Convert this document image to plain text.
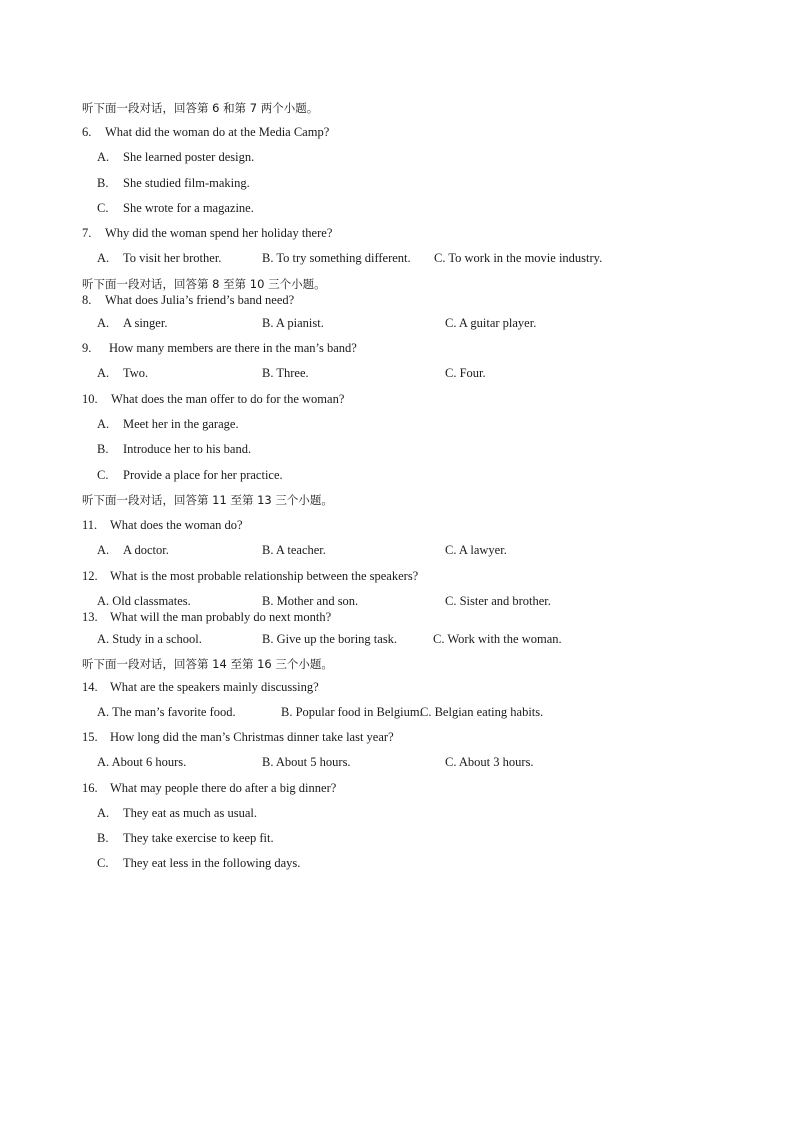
听下面一段对话，回答第 6 和第 7 两个小题。
6. What did the woman do at the Media Camp?
A. She learned poster design.
B. She studied film-making.
C. She wrote for a magazine.
7. Why did the woman spend her holiday there?
A. To visit her brother.	B. To try something different. C. To work in the movie industry.
听下面一段对话，回答第 8 至第 10 三个小题。
8. What does Julia’s friend’s band need?
A. A singer.	B. A pianist.	C. A guitar player.
9. How many members are there in the man’s band?
A. Two.	B. Three.	C. Four.
10. What does the man offer to do for the woman?
A. Meet her in the garage.
B. Introduce her to his band.
C. Provide a place for her practice.
听下面一段对话，回答第 11 至第 13 三个小题。
11. What does the woman do?
A. A doctor.	B. A teacher.	C. A lawyer.
12. What is the most probable relationship between the speakers?
A. Old classmates.	B. Mother and son.	C. Sister and brother.
13. What will the man probably do next month?
A. Study in a school.	B. Give up the boring task.	C. Work with the woman.
听下面一段对话，回答第 14 至第 16 三个小题。
14. What are the speakers mainly discussing?
A. The man’s favorite food.	B. Popular food in Belgium.
C. Belgian eating habits.
15. How long did the man’s Christmas dinner take last year?
A. About 6 hours.	B. About 5 hours.	C. About 3 hours.
16. What may people there do after a big dinner?
A. They eat as much as usual.
B. They take exercise to keep fit.
C. They eat less in the following days.
